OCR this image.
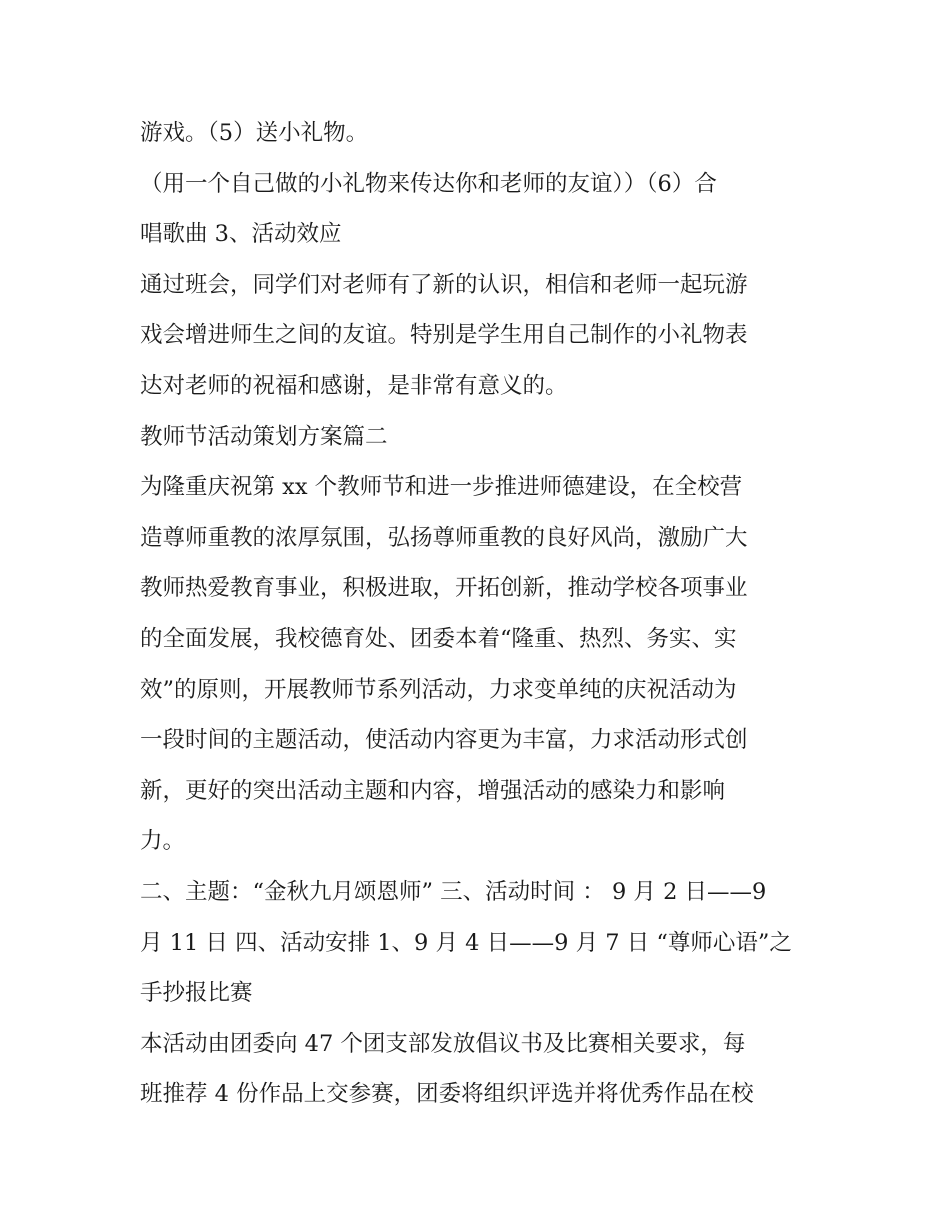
游戏。（5）送小礼物。
（用一个自己做的小礼物来传达你和老师的友谊））（6）合
唱歌曲 3、活动效应
通过班会，同学们对老师有了新的认识，相信和老师一起玩游
戏会增进师生之间的友谊。特别是学生用自己制作的小礼物表
达对老师的祝福和感谢，是非常有意义的。
教师节活动策划方案篇二
为隆重庆祝第 xx 个教师节和进一步推进师德建设，在全校营
造尊师重教的浓厚氛围，弘扬尊师重教的良好风尚，激励广大
教师热爱教育事业，积极进取，开拓创新，推动学校各项事业
的全面发展，我校德育处、团委本着“隆重、热烈、务实、实
效”的原则，开展教师节系列活动，力求变单纯的庆祝活动为
一段时间的主题活动，使活动内容更为丰富，力求活动形式创
新，更好的突出活动主题和内容，增强活动的感染力和影响
力。
二、主题：“金秋九月颂恩师” 三、活动时间 ： 9 月 2 日——9
月 11 日 四、活动安排 1、9 月 4 日——9 月 7 日 “尊师心语”之
手抄报比赛
本活动由团委向 47 个团支部发放倡议书及比赛相关要求，每
班推荐 4 份作品上交参赛，团委将组织评选并将优秀作品在校
